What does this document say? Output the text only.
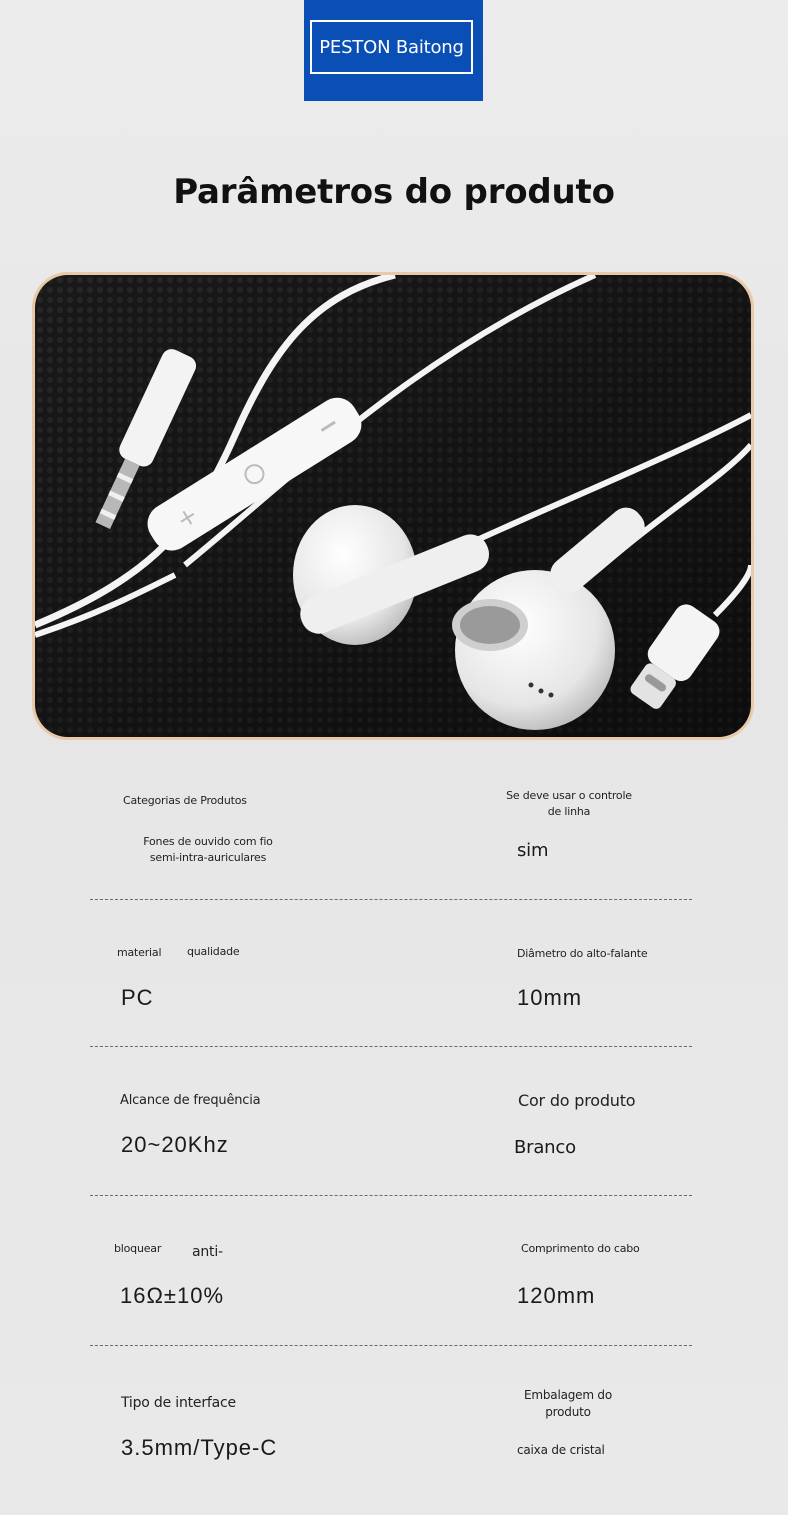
PESTON Baitong
Parâmetros do produto
+
Categorias de Produtos
Fones de ouvido com fio
semi-intra-auriculares
Se deve usar o controle
de linha
sim
material qualidade
PC
Diâmetro do alto-falante
10mm
Alcance de frequência
20~20Khz
Cor do produto
Branco
bloquear anti-
16Ω±10%
Comprimento do cabo
120mm
Tipo de interface
3.5mm/Type-C
Embalagem do
produto
caixa de cristal
